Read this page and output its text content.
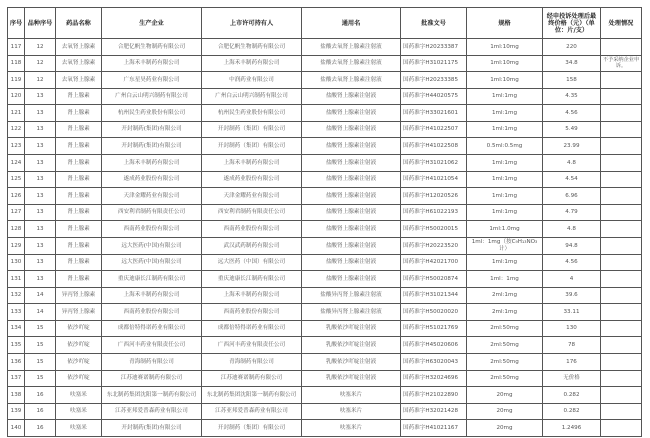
序号	品种序号	药品名称	生产企业	上市许可持有人	通用名	批准文号	规格	经申投诉处理后最终价格（元）（单位：片/支）	处理情况
117	12	去氧肾上腺素	合肥亿帆生物制药有限公司	合肥亿帆生物制药有限公司	盐酸去氧肾上腺素注射液	国药准字H20233387	1ml:10mg	220	
118	12	去氧肾上腺素	上海禾丰制药有限公司	上海禾丰制药有限公司	盐酸去氧肾上腺素注射液	国药准字H31021175	1ml:10mg	34.8	不予采纳企业申诉。
119	12	去氧肾上腺素	广东星昊药业有限公司	中润药业有限公司	盐酸去氧肾上腺素注射液	国药准字H20233385	1ml:10mg	158	
120	13	肾上腺素	广州白云山明兴制药有限公司	广州白云山明兴制药有限公司	盐酸肾上腺素注射液	国药准字H44020575	1ml:1mg	4.35	
121	13	肾上腺素	杭州民生药业股份有限公司	杭州民生药业股份有限公司	盐酸肾上腺素注射液	国药准字H33021601	1ml:1mg	4.56	
122	13	肾上腺素	开封制药(集团)有限公司	开封制药（集团）有限公司	盐酸肾上腺素注射液	国药准字H41022507	1ml:1mg	5.49	
123	13	肾上腺素	开封制药(集团)有限公司	开封制药（集团）有限公司	盐酸肾上腺素注射液	国药准字H41022508	0.5ml:0.5mg	23.99	
124	13	肾上腺素	上海禾丰制药有限公司	上海禾丰制药有限公司	盐酸肾上腺素注射液	国药准字H31021062	1ml:1mg	4.8	
125	13	肾上腺素	遂成药业股份有限公司	遂成药业股份有限公司	盐酸肾上腺素注射液	国药准字H41021054	1ml:1mg	4.54	
126	13	肾上腺素	天津金耀药业有限公司	天津金耀药业有限公司	盐酸肾上腺素注射液	国药准字H12020526	1ml:1mg	6.96	
127	13	肾上腺素	西安利君制药有限责任公司	西安利君制药有限责任公司	盐酸肾上腺素注射液	国药准字H61022193	1ml:1mg	4.79	
128	13	肾上腺素	西南药业股份有限公司	西南药业股份有限公司	盐酸肾上腺素注射液	国药准字H50020015	1ml:1.0mg	4.8	
129	13	肾上腺素	远大医药(中国)有限公司	武汉武药制药有限公司	盐酸肾上腺素注射液	国药准字H20223520	1ml：1mg（按C₉H₁₃NO₃计）	94.8	
130	13	肾上腺素	远大医药(中国)有限公司	远大医药（中国）有限公司	盐酸肾上腺素注射液	国药准字H42021700	1ml:1mg	4.56	
131	13	肾上腺素	重庆迪康长江制药有限公司	重庆迪康长江制药有限公司	盐酸肾上腺素注射液	国药准字H50020874	1ml：1mg	4	
132	14	异丙肾上腺素	上海禾丰制药有限公司	上海禾丰制药有限公司	盐酸异丙肾上腺素注射液	国药准字H31021344	2ml:1mg	39.6	
133	14	异丙肾上腺素	西南药业股份有限公司	西南药业股份有限公司	盐酸异丙肾上腺素注射液	国药准字H50020020	2ml:1mg	33.11	
134	15	依沙吖啶	成都倍特得诺药业有限公司	成都倍特得诺药业有限公司	乳酸依沙吖啶注射液	国药准字H51021769	2ml:50mg	130	
135	15	依沙吖啶	广西河丰药业有限责任公司	广西河丰药业有限责任公司	乳酸依沙吖啶注射液	国药准字H45020606	2ml:50mg	78	
136	15	依沙吖啶	青海制药有限公司	青海制药有限公司	乳酸依沙吖啶注射液	国药准字H63020043	2ml:50mg	176	
137	15	依沙吖啶	江苏迪赛诺制药有限公司	江苏迪赛诺制药有限公司	乳酸依沙吖啶注射液	国药准字H32024696	2ml:50mg	无价格	
138	16	呋塞米	东北制药集团沈阳第一制药有限公司	东北制药集团沈阳第一制药有限公司	呋塞米片	国药准字H21022890	20mg	0.282	
139	16	呋塞米	江苏亚邦爱普森药业有限公司	江苏亚邦爱普森药业有限公司	呋塞米片	国药准字H32021428	20mg	0.282	
140	16	呋塞米	开封制药(集团)有限公司	开封制药（集团）有限公司	呋塞米片	国药准字H41021167	20mg	1.2496	
